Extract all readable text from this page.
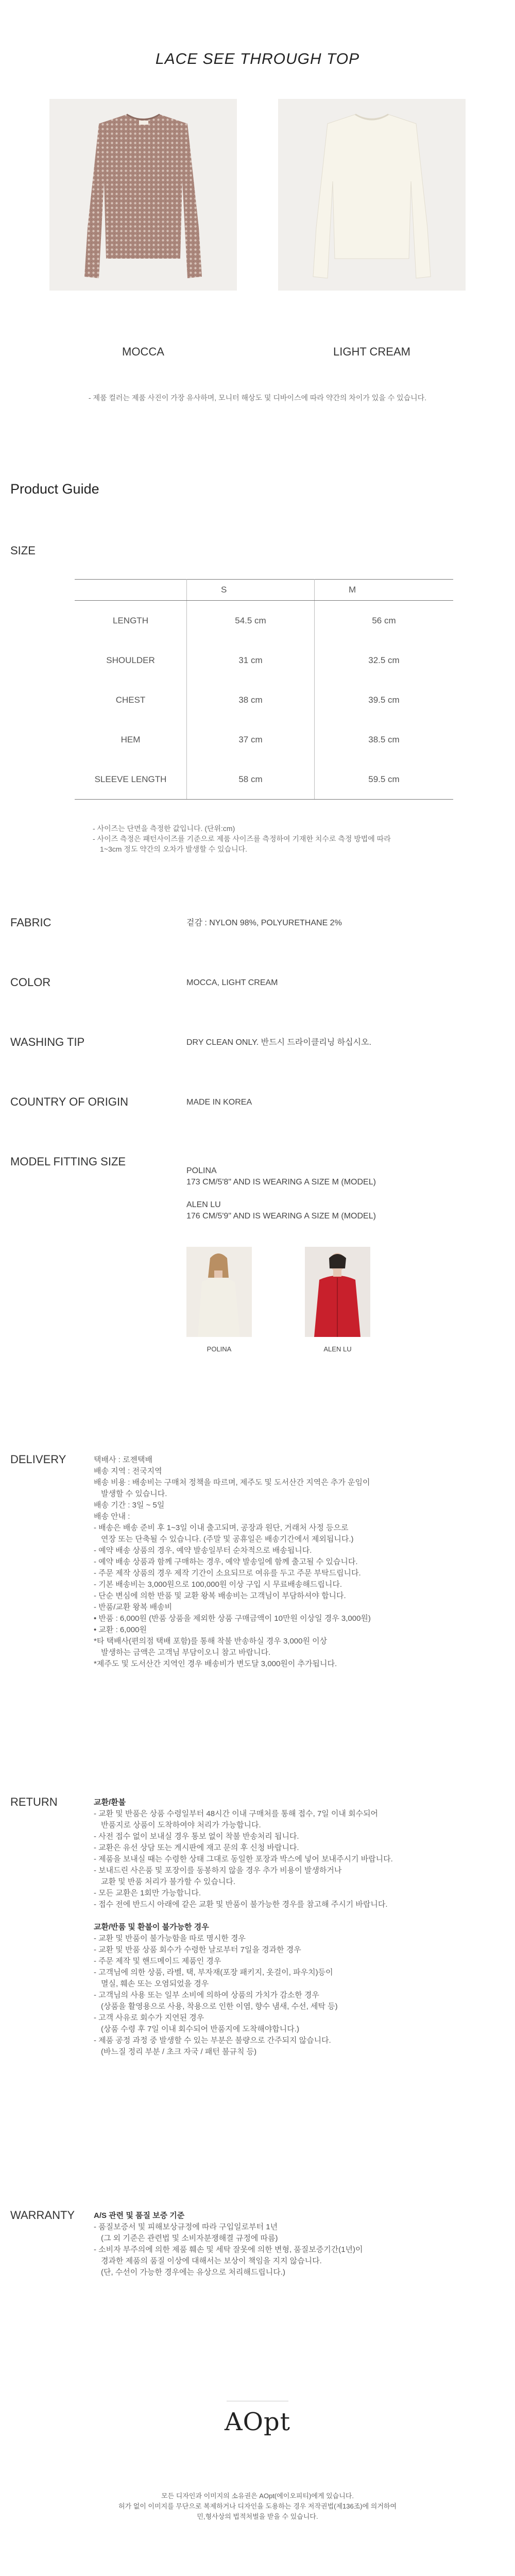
LACE SEE THROUGH TOP
MOCCA	LIGHT CREAM
- 제품 컬러는 제품 사진이 가장 유사하며, 모니터 해상도 및 디바이스에 따라 약간의 차이가 있을 수 있습니다.
Product Guide
SIZE
	S	M
LENGTH	54.5 cm	56 cm
SHOULDER	31 cm	32.5 cm
CHEST	38 cm	39.5 cm
HEM	37 cm	38.5 cm
SLEEVE LENGTH	58 cm	59.5 cm
- 사이즈는 단면을 측정한 값입니다. (단위:cm)
- 사이즈 측정은 패턴사이즈를 기준으로 제품 사이즈를 측정하여 기재한 치수로 측정 방법에 따라
1~3cm 정도 약간의 오차가 발생할 수 있습니다.
FABRIC	겉감 : NYLON 98%, POLYURETHANE 2%
COLOR	MOCCA, LIGHT CREAM
WASHING TIP	DRY CLEAN ONLY. 반드시 드라이클리닝 하십시오.
COUNTRY OF ORIGIN	MADE IN KOREA
MODEL FITTING SIZE
POLINA
173 CM/5'8" AND IS WEARING A SIZE M (MODEL)
ALEN LU
176 CM/5'9" AND IS WEARING A SIZE M (MODEL)
POLINA	ALEN LU
DELIVERY	택배사 : 로젠택배
배송 지역 : 전국지역
배송 비용 : 배송비는 구매처 정책을 따르며, 제주도 및 도서산간 지역은 추가 운임이
발생할 수 있습니다.
배송 기간 : 3일 ~ 5일
배송 안내 :
- 배송은 배송 준비 후 1~3일 이내 출고되며, 공장과 원단, 거래처 사정 등으로
연장 또는 단축될 수 있습니다. (주말 및 공휴일은 배송기간에서 제외됩니다.)
- 예약 배송 상품의 경우, 예약 발송일부터 순차적으로 배송됩니다.
- 예약 배송 상품과 함께 구매하는 경우, 예약 발송일에 함께 출고될 수 있습니다.
- 주문 제작 상품의 경우 제작 기간이 소요되므로 여유를 두고 주문 부탁드립니다.
- 기본 배송비는 3,000원으로 100,000원 이상 구입 시 무료배송해드립니다.
- 단순 변심에 의한 반품 및 교환 왕복 배송비는 고객님이 부담하셔야 합니다.
- 반품/교환 왕복 배송비
• 반품 : 6,000원 (반품 상품을 제외한 상품 구매금액이 10만원 이상일 경우 3,000원)
• 교환 : 6,000원
*타 택배사(편의점 택배 포함)를 통해 착불 반송하실 경우 3,000원 이상
발생하는 금액은 고객님 부담이오니 참고 바랍니다.
*제주도 및 도서산간 지역인 경우 배송비가 변도달 3,000원이 추가됩니다.
RETURN	교환/환불
- 교환 및 반품은 상품 수령일부터 48시간 이내 구매처를 통해 접수, 7일 이내 회수되어
반품지로 상품이 도착하여야 처리가 가능합니다.
- 사전 접수 없이 보내실 경우 통보 없이 착불 반송처리 됩니다.
- 교환은 유선 상담 또는 게시판에 재고 문의 후 신청 바랍니다.
- 제품을 보내실 때는 수령한 상태 그대로 동일한 포장과 박스에 넣어 보내주시기 바랍니다.
- 보내드린 사은품 및 포장이를 동봉하지 않을 경우 추가 비용이 발생하거나
교환 및 반품 처리가 불가할 수 있습니다.
- 모든 교환은 1회만 가능합니다.
- 접수 전에 반드시 아래에 같은 교환 및 반품이 불가능한 경우를 참고해 주시기 바랍니다.
교환/반품 및 환불이 불가능한 경우
- 교환 및 반품이 불가능함을 따로 명시한 경우
- 교환 및 반품 상품 회수가 수령한 날로부터 7일을 경과한 경우
- 주문 제작 및 핸드메이드 제품인 경우
- 고객님에 의한 상품, 라벨, 택, 부자재(포장 패키지, 옷걸이, 파우치)등이
멸실, 훼손 또는 오염되었을 경우
- 고객님의 사용 또는 일부 소비에 의하여 상품의 가치가 감소한 경우
(상품을 활영용으로 사용, 착용으로 인한 이염, 향수 냄새, 수선, 세탁 등)
- 고객 사유로 회수가 지연된 경우
(상품 수령 후 7일 이내 회수되어 반품지에 도착해야합니다.)
- 제품 공정 과정 중 발생할 수 있는 부분은 불량으로 간주되지 않습니다.
(바느질 정리 부분 / 초크 자국 / 패턴 불규칙 등)
WARRANTY A/S 관련 및 품질 보증 기준
- 품질보증서 및 피해보상규정에 따라 구입일로부터 1년
(그 외 기준은 관련법 및 소비자분쟁해결 규정에 따름)
- 소비자 부주의에 의한 제품 훼손 및 세탁 잘못에 의한 변형, 품질보증기간(1년)이
경과한 제품의 품질 이상에 대해서는 보상이 책임을 지지 않습니다.
(단, 수선이 가능한 경우에는 유상으로 처리해드립니다.)
AOpt
모든 디자인과 이미지의 소유권은 AOpt(에이오피티)에게 있습니다.
허가 없이 이미지를 무단으로 복제하거나 디자인을 도용하는 경우 저작권법(제136조)에 의거하여
민,형사상의 법적처벌을 받을 수 있습니다.
